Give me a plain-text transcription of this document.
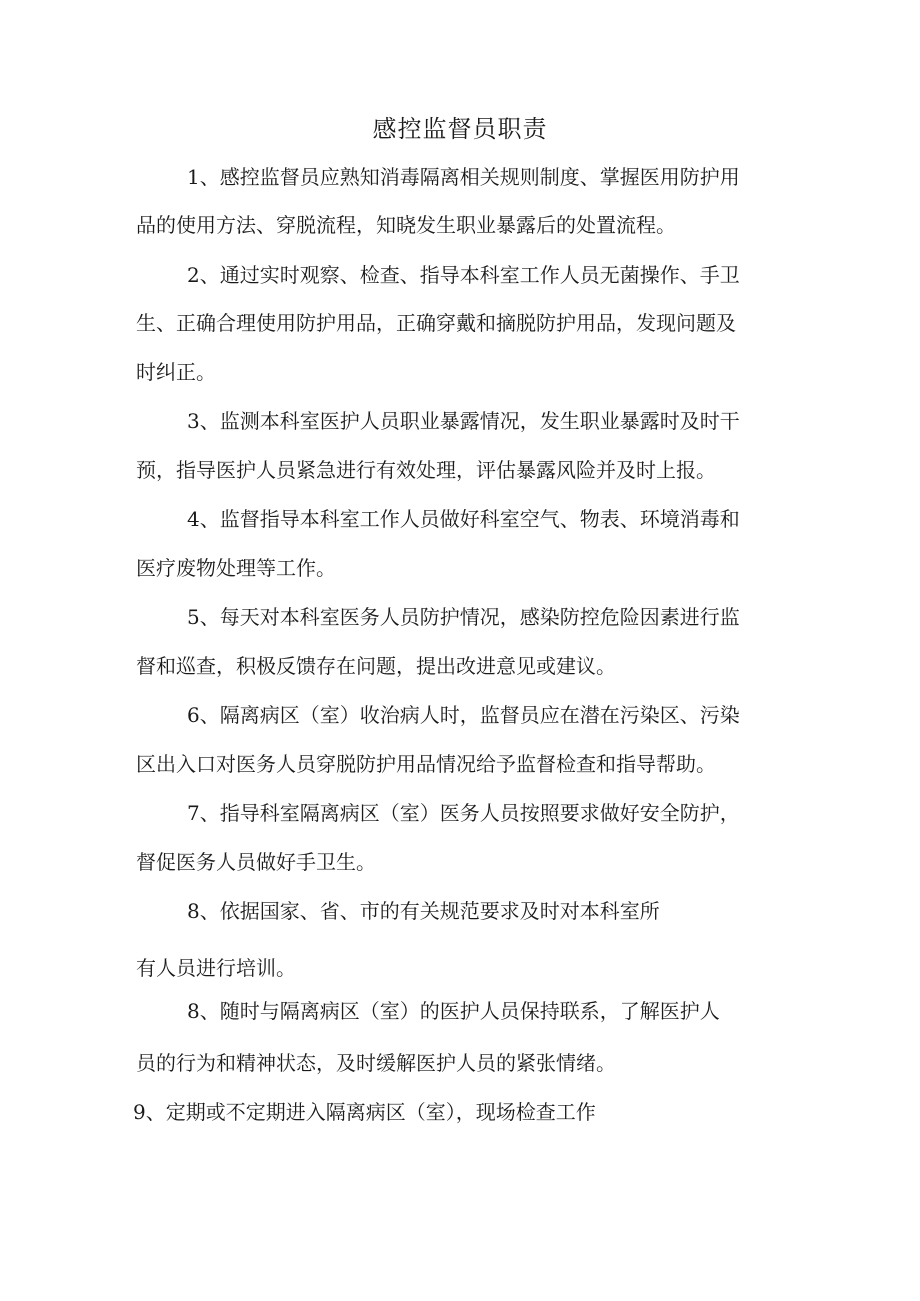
感控监督员职责
1、感控监督员应熟知消毒隔离相关规则制度、掌握医用防护用
品的使用方法、穿脱流程，知晓发生职业暴露后的处置流程。
2、通过实时观察、检查、指导本科室工作人员无菌操作、手卫
生、正确合理使用防护用品，正确穿戴和摘脱防护用品，发现问题及
时纠正。
3、监测本科室医护人员职业暴露情况，发生职业暴露时及时干
预，指导医护人员紧急进行有效处理，评估暴露风险并及时上报。
4、监督指导本科室工作人员做好科室空气、物表、环境消毒和
医疗废物处理等工作。
5、每天对本科室医务人员防护情况，感染防控危险因素进行监
督和巡查，积极反馈存在问题，提出改进意见或建议。
6、隔离病区（室）收治病人时，监督员应在潜在污染区、污染
区出入口对医务人员穿脱防护用品情况给予监督检查和指导帮助。
7、指导科室隔离病区（室）医务人员按照要求做好安全防护，
督促医务人员做好手卫生。
8、依据国家、省、市的有关规范要求及时对本科室所
有人员进行培训。
8、随时与隔离病区（室）的医护人员保持联系，了解医护人
员的行为和精神状态，及时缓解医护人员的紧张情绪。
9、定期或不定期进入隔离病区（室），现场检查工作
